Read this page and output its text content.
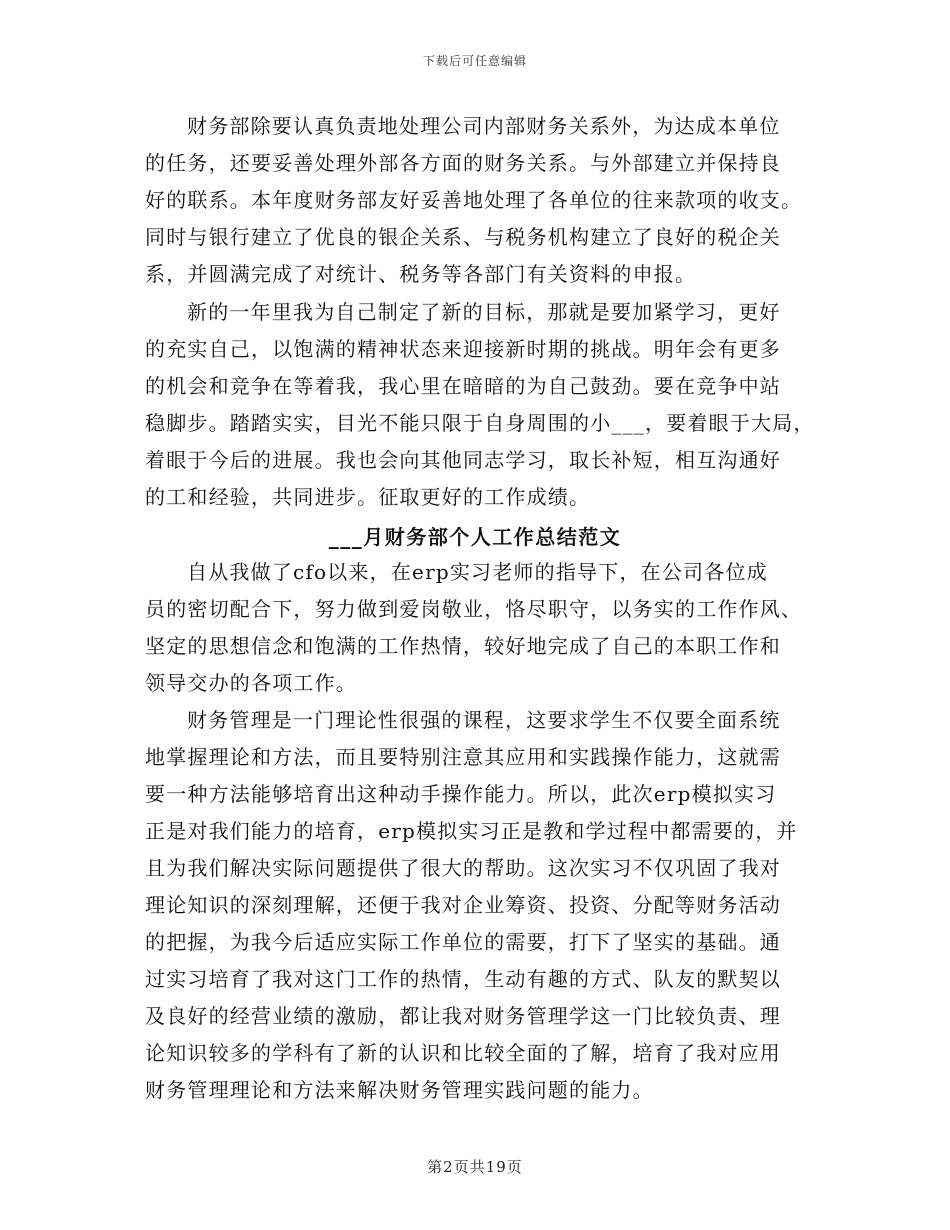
下载后可任意编辑
财务部除要认真负责地处理公司内部财务关系外，为达成本单位
的任务，还要妥善处理外部各方面的财务关系。与外部建立并保持良
好的联系。本年度财务部友好妥善地处理了各单位的往来款项的收支。
同时与银行建立了优良的银企关系、与税务机构建立了良好的税企关
系，并圆满完成了对统计、税务等各部门有关资料的申报。
新的一年里我为自己制定了新的目标，那就是要加紧学习，更好
的充实自己，以饱满的精神状态来迎接新时期的挑战。明年会有更多
的机会和竞争在等着我，我心里在暗暗的为自己鼓劲。要在竞争中站
稳脚步。踏踏实实，目光不能只限于自身周围的小___，要着眼于大局，
着眼于今后的进展。我也会向其他同志学习，取长补短，相互沟通好
的工和经验，共同进步。征取更好的工作成绩。
___月财务部个人工作总结范文
自从我做了cfo以来，在erp实习老师的指导下，在公司各位成
员的密切配合下，努力做到爱岗敬业，恪尽职守，以务实的工作作风、
坚定的思想信念和饱满的工作热情，较好地完成了自己的本职工作和
领导交办的各项工作。
财务管理是一门理论性很强的课程，这要求学生不仅要全面系统
地掌握理论和方法，而且要特别注意其应用和实践操作能力，这就需
要一种方法能够培育出这种动手操作能力。所以，此次erp模拟实习
正是对我们能力的培育，erp模拟实习正是教和学过程中都需要的，并
且为我们解决实际问题提供了很大的帮助。这次实习不仅巩固了我对
理论知识的深刻理解，还便于我对企业筹资、投资、分配等财务活动
的把握，为我今后适应实际工作单位的需要，打下了坚实的基础。通
过实习培育了我对这门工作的热情，生动有趣的方式、队友的默契以
及良好的经营业绩的激励，都让我对财务管理学这一门比较负责、理
论知识较多的学科有了新的认识和比较全面的了解，培育了我对应用
财务管理理论和方法来解决财务管理实践问题的能力。
第2页共19页
